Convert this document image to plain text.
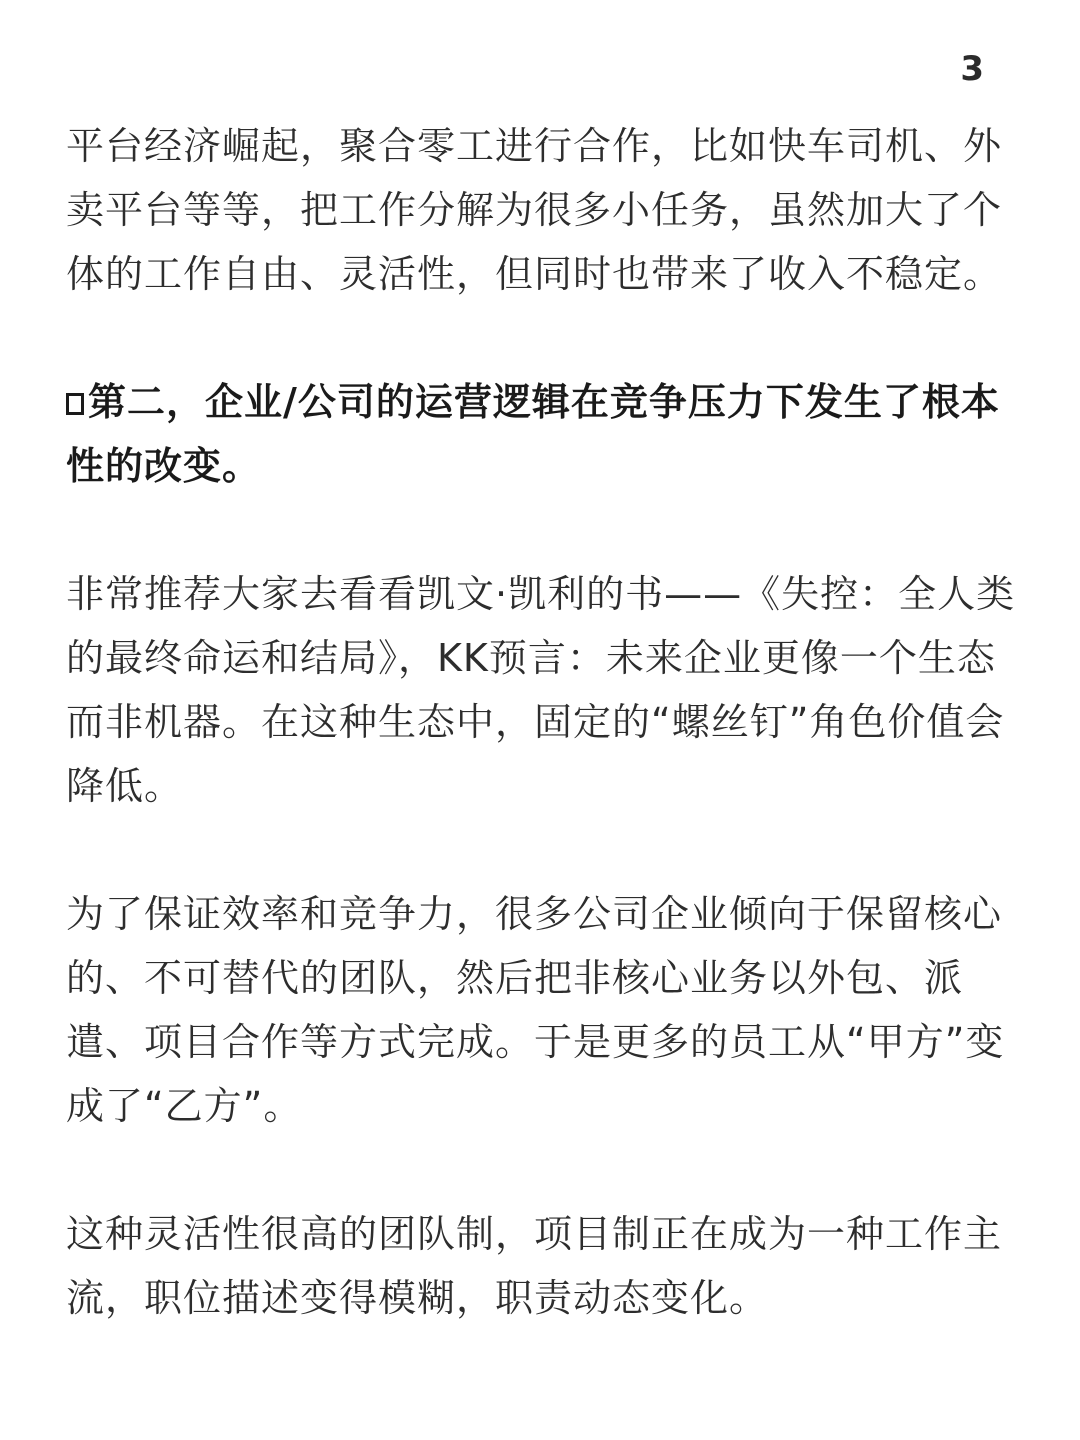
3

平台经济崛起，聚合零工进行合作，比如快车司机、外卖平台等等，把工作分解为很多小任务，虽然加大了个体的工作自由、灵活性，但同时也带来了收入不稳定。

第二，企业/公司的运营逻辑在竞争压力下发生了根本性的改变。

非常推荐大家去看看凯文·凯利的书——《失控：全人类的最终命运和结局》，KK预言：未来企业更像一个生态而非机器。在这种生态中，固定的“螺丝钉”角色价值会降低。

为了保证效率和竞争力，很多公司企业倾向于保留核心的、不可替代的团队，然后把非核心业务以外包、派遣、项目合作等方式完成。于是更多的员工从“甲方”变成了“乙方”。

这种灵活性很高的团队制，项目制正在成为一种工作主流，职位描述变得模糊，职责动态变化。
